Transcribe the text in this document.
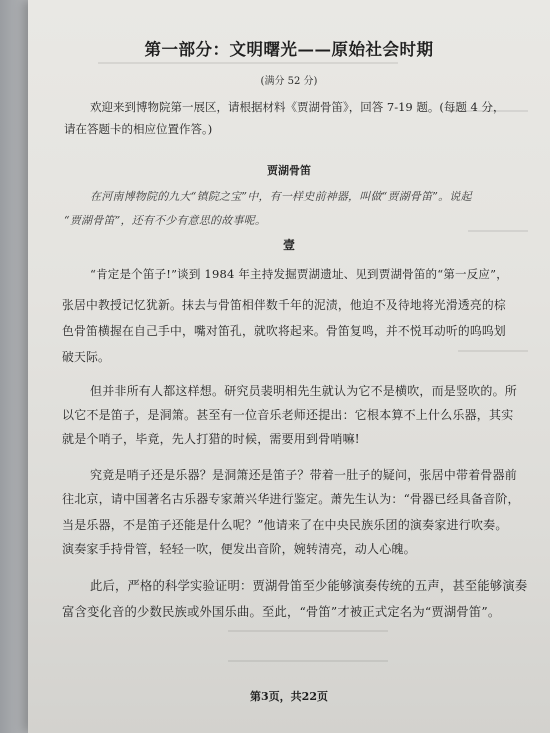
第一部分：文明曙光——原始社会时期
(满分 52 分)
欢迎来到博物院第一展区，请根据材料《贾湖骨笛》，回答 7-19 题。(每题 4 分，
请在答题卡的相应位置作答。)
贾湖骨笛
在河南博物院的九大“镇院之宝”中，有一样史前神器，叫做“贾湖骨笛”。说起
“贾湖骨笛”，还有不少有意思的故事呢。
壹
“肯定是个笛子!”谈到 1984 年主持发掘贾湖遗址、见到贾湖骨笛的“第一反应”，
张居中教授记忆犹新。抹去与骨笛相伴数千年的泥渍，他迫不及待地将光滑透亮的棕
色骨笛横握在自己手中，嘴对笛孔，就吹将起来。骨笛复鸣，并不悦耳动听的呜呜划
破天际。
但并非所有人都这样想。研究员裴明相先生就认为它不是横吹，而是竖吹的。所
以它不是笛子，是洞箫。甚至有一位音乐老师还提出：它根本算不上什么乐器，其实
就是个哨子，毕竟，先人打猎的时候，需要用到骨哨嘛!
究竟是哨子还是乐器？是洞箫还是笛子？带着一肚子的疑问，张居中带着骨器前
往北京，请中国著名古乐器专家萧兴华进行鉴定。萧先生认为：“骨器已经具备音阶，
当是乐器，不是笛子还能是什么呢？”他请来了在中央民族乐团的演奏家进行吹奏。
演奏家手持骨管，轻轻一吹，便发出音阶，婉转清亮，动人心魄。
此后，严格的科学实验证明：贾湖骨笛至少能够演奏传统的五声，甚至能够演奏
富含变化音的少数民族或外国乐曲。至此，“骨笛”才被正式定名为“贾湖骨笛”。
第3页，共22页
